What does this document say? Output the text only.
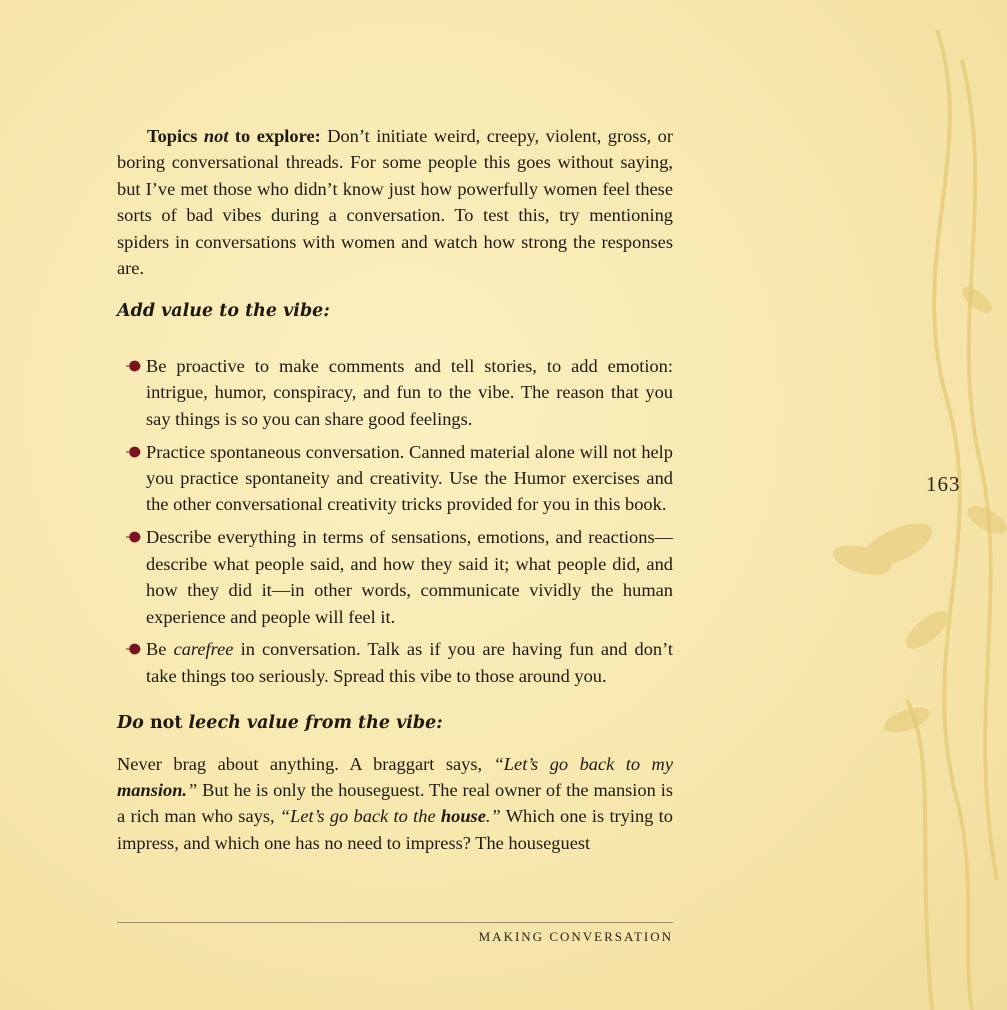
163

Topics not to explore: Don’t initiate weird, creepy, violent, gross, or boring conversational threads. For some people this goes without saying, but I’ve met those who didn’t know just how powerfully women feel these sorts of bad vibes during a conversation. To test this, try mentioning spiders in conversations with women and watch how strong the responses are.

Add value to the vibe:
Be proactive to make comments and tell stories, to add emotion: intrigue, humor, conspiracy, and fun to the vibe. The reason that you say things is so you can share good feelings.
Practice spontaneous conversation. Canned material alone will not help you practice spontaneity and creativity. Use the Humor exercises and the other conversational creativity tricks provided for you in this book.
Describe everything in terms of sensations, emotions, and reactions—describe what people said, and how they said it; what people did, and how they did it—in other words, communicate vividly the human experience and people will feel it.
Be carefree in conversation. Talk as if you are having fun and don’t take things too seriously. Spread this vibe to those around you.
Do not leech value from the vibe:

Never brag about anything. A braggart says, “Let’s go back to my mansion.” But he is only the houseguest. The real owner of the mansion is a rich man who says, “Let’s go back to the house.” Which one is trying to impress, and which one has no need to impress? The houseguest

MAKING CONVERSATION
